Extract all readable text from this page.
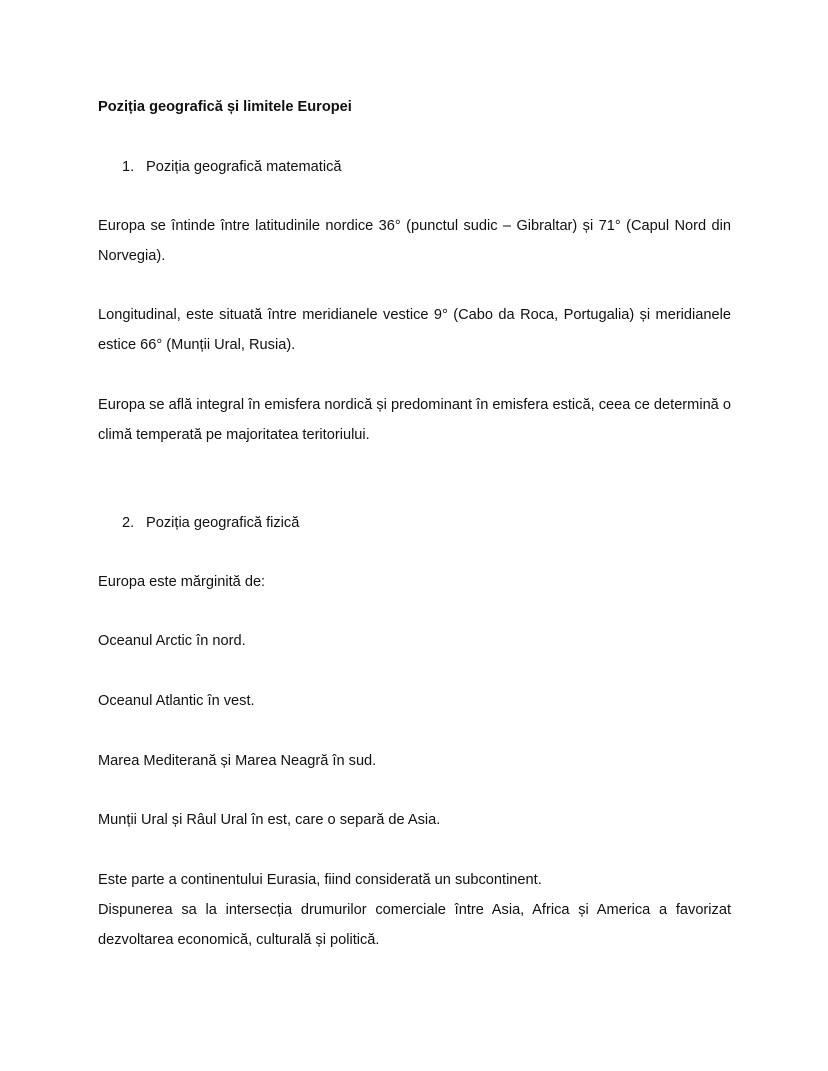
Poziția geografică și limitele Europei
1. Poziția geografică matematică
Europa se întinde între latitudinile nordice 36° (punctul sudic – Gibraltar) și 71° (Capul Nord din Norvegia).
Longitudinal, este situată între meridianele vestice 9° (Cabo da Roca, Portugalia) și meridianele estice 66° (Munții Ural, Rusia).
Europa se află integral în emisfera nordică și predominant în emisfera estică, ceea ce determină o climă temperată pe majoritatea teritoriului.
2. Poziția geografică fizică
Europa este mărginită de:
Oceanul Arctic în nord.
Oceanul Atlantic în vest.
Marea Mediterană și Marea Neagră în sud.
Munții Ural și Râul Ural în est, care o separă de Asia.
Este parte a continentului Eurasia, fiind considerată un subcontinent.
Dispunerea sa la intersecția drumurilor comerciale între Asia, Africa și America a favorizat dezvoltarea economică, culturală și politică.
